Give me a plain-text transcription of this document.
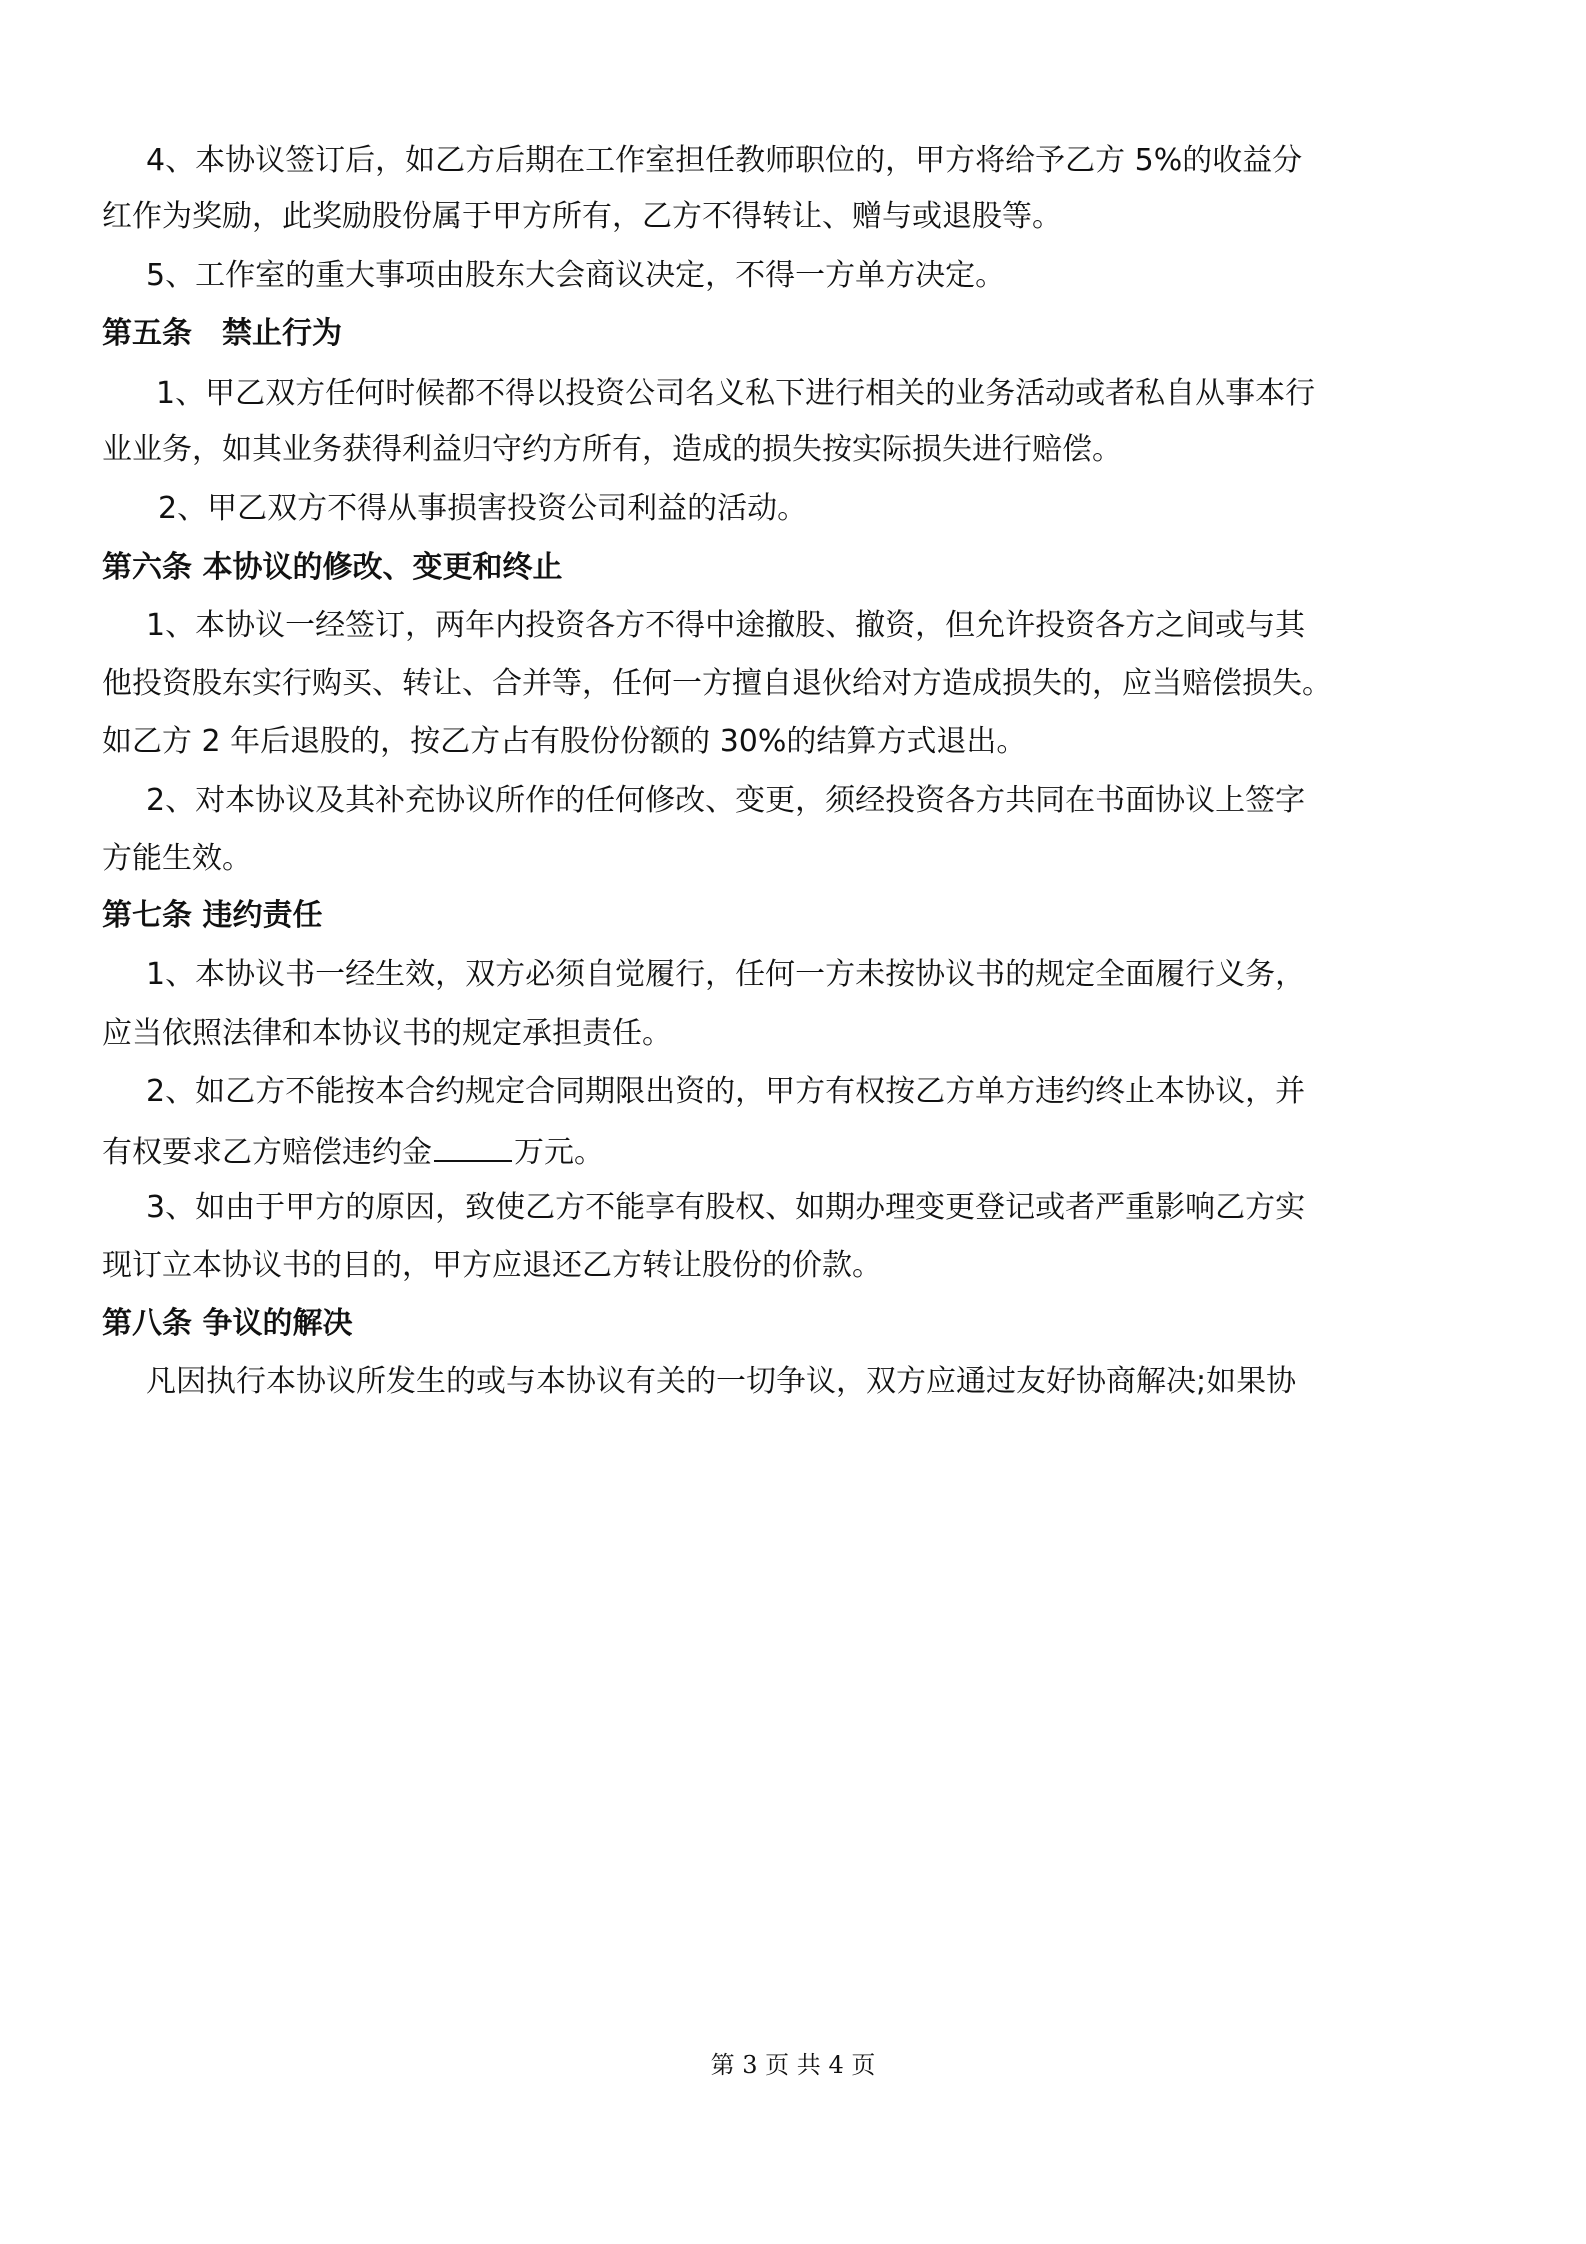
4、本协议签订后，如乙方后期在工作室担任教师职位的，甲方将给予乙方 5%的收益分
红作为奖励，此奖励股份属于甲方所有，乙方不得转让、赠与或退股等。
5、工作室的重大事项由股东大会商议决定，不得一方单方决定。
第五条　禁止行为
1、甲乙双方任何时候都不得以投资公司名义私下进行相关的业务活动或者私自从事本行
业业务，如其业务获得利益归守约方所有，造成的损失按实际损失进行赔偿。
2、甲乙双方不得从事损害投资公司利益的活动。
第六条 本协议的修改、变更和终止
1、本协议一经签订，两年内投资各方不得中途撤股、撤资，但允许投资各方之间或与其
他投资股东实行购买、转让、合并等，任何一方擅自退伙给对方造成损失的，应当赔偿损失。
如乙方 2 年后退股的，按乙方占有股份份额的 30%的结算方式退出。
2、对本协议及其补充协议所作的任何修改、变更，须经投资各方共同在书面协议上签字
方能生效。
第七条 违约责任
1、本协议书一经生效，双方必须自觉履行，任何一方未按协议书的规定全面履行义务，
应当依照法律和本协议书的规定承担责任。
2、如乙方不能按本合约规定合同期限出资的，甲方有权按乙方单方违约终止本协议，并
有权要求乙方赔偿违约金	万元。
3、如由于甲方的原因，致使乙方不能享有股权、如期办理变更登记或者严重影响乙方实
现订立本协议书的目的，甲方应退还乙方转让股份的价款。
第八条 争议的解决
凡因执行本协议所发生的或与本协议有关的一切争议，双方应通过友好协商解决;如果协
第 3 页 共 4 页
